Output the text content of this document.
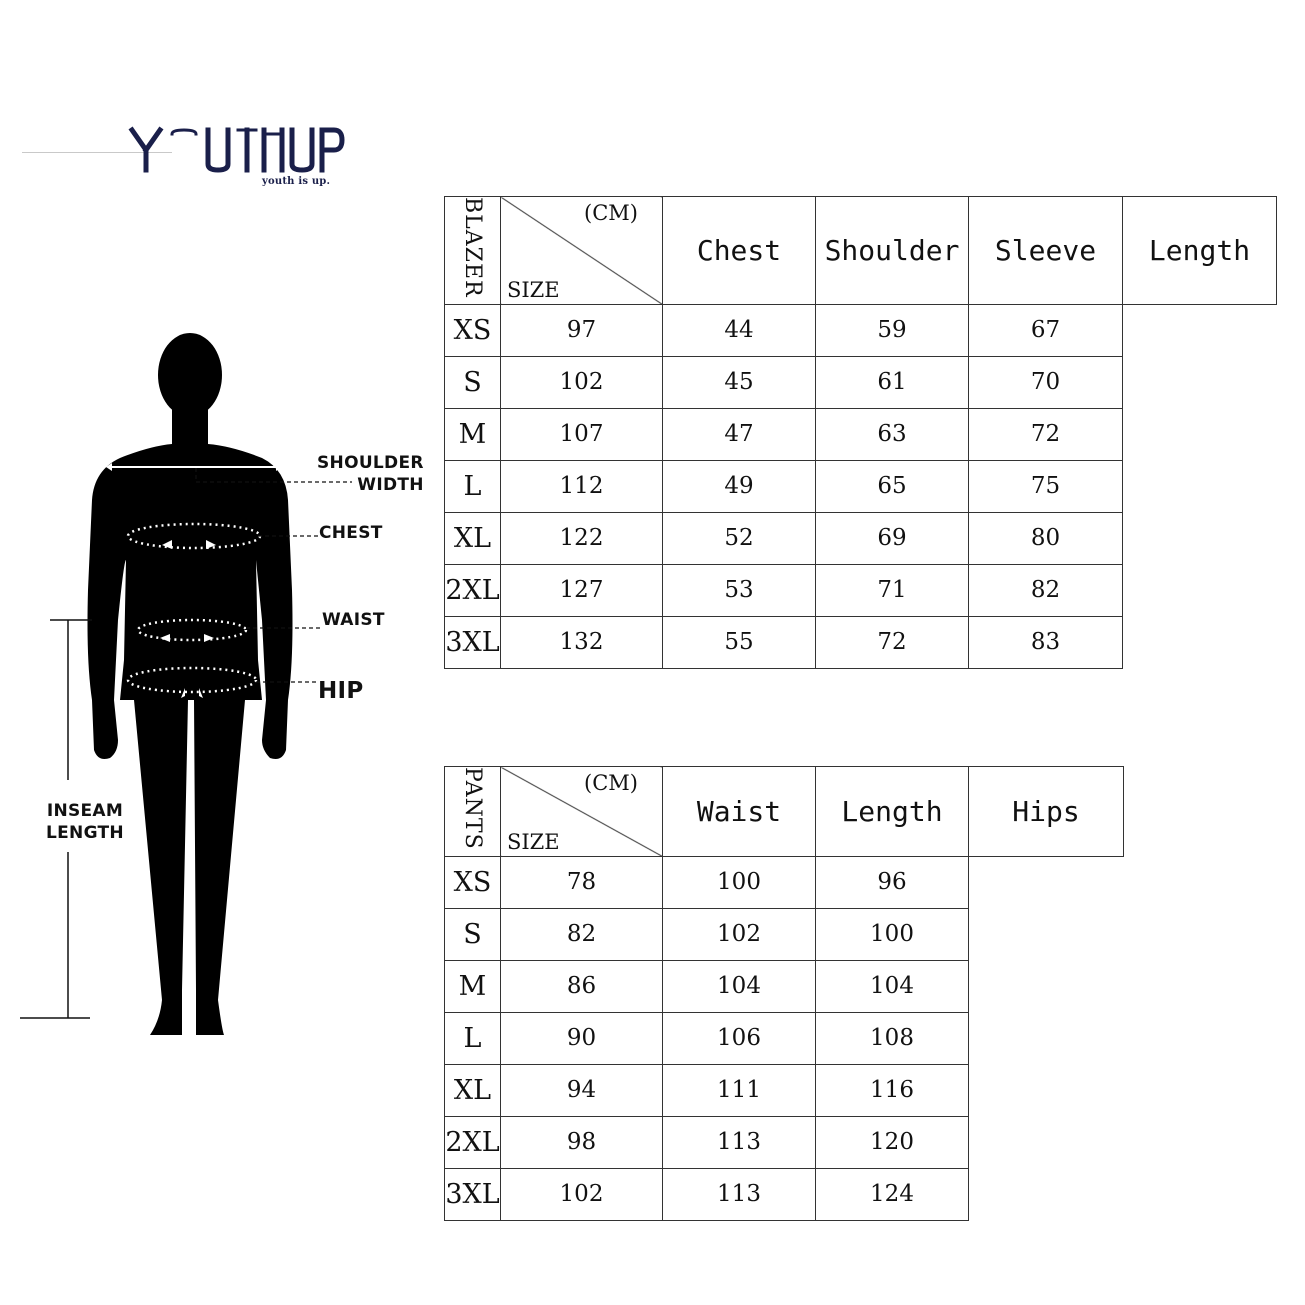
youth is up.
SHOULDER
WIDTH
CHEST
WAIST
HIP
INSEAM
LENGTH
BLAZER	(CM)
SIZE	Chest	Shoulder	Sleeve	Length
XS	97	44	59	67	
S	102	45	61	70	
M	107	47	63	72	
L	112	49	65	75	
XL	122	52	69	80	
2XL	127	53	71	82	
3XL	132	55	72	83	
PANTS	(CM)
SIZE	Waist	Length	Hips
XS	78	100	96	
S	82	102	100	
M	86	104	104	
L	90	106	108	
XL	94	111	116	
2XL	98	113	120	
3XL	102	113	124	
